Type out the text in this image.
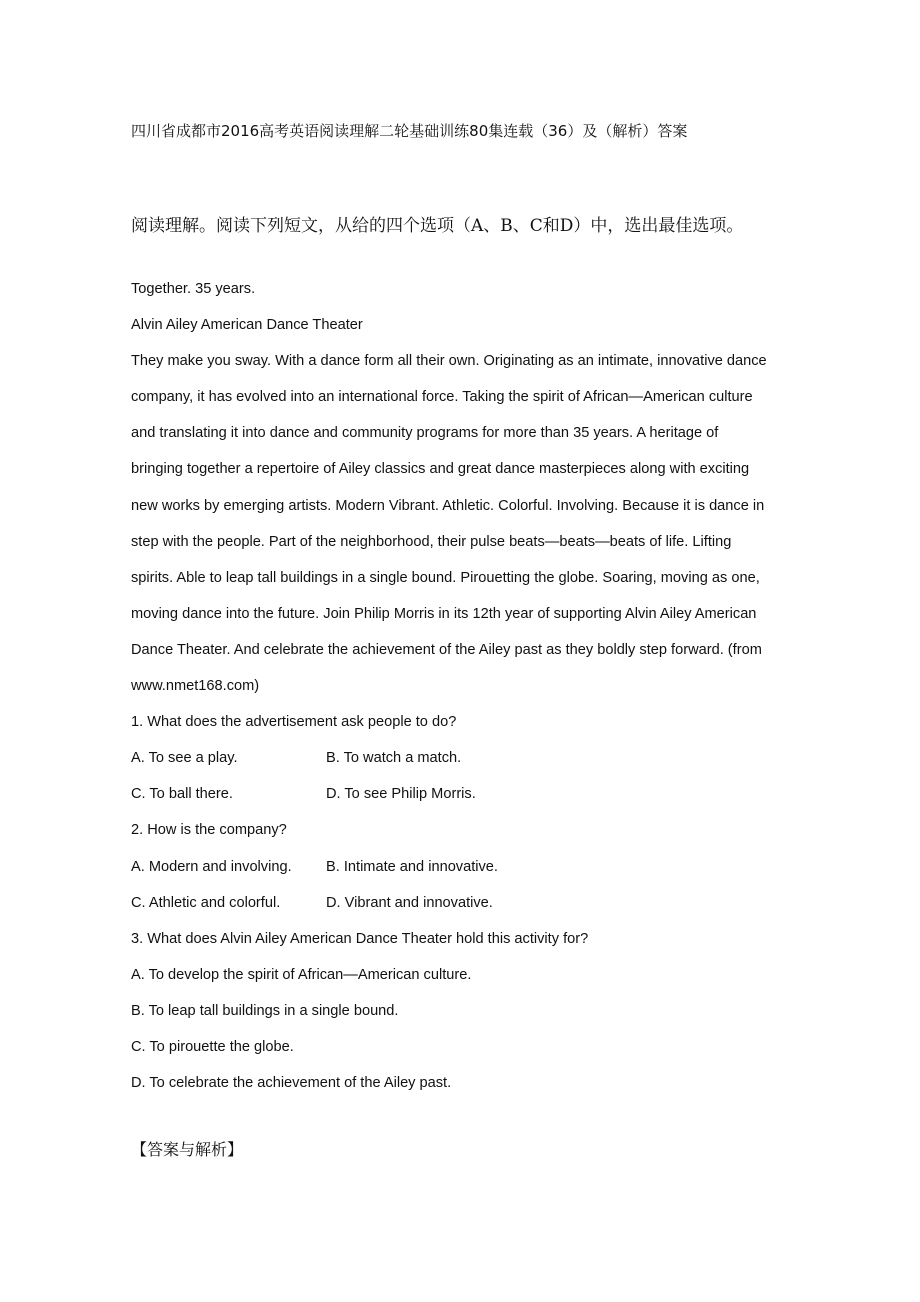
四川省成都市2016高考英语阅读理解二轮基础训练80集连载（36）及（解析）答案
阅读理解。阅读下列短文，从给的四个选项（A、B、C和D）中，选出最佳选项。
Together. 35 years.
Alvin Ailey American Dance Theater
They make you sway. With a dance form all their own. Originating as an intimate, innovative dance
company, it has evolved into an international force. Taking the spirit of African—American culture
and translating it into dance and community programs for more than 35 years. A heritage of
bringing together a repertoire of Ailey classics and great dance masterpieces along with exciting
new works by emerging artists. Modern Vibrant. Athletic. Colorful. Involving. Because it is dance in
step with the people. Part of the neighborhood, their pulse beats—beats—beats of life. Lifting
spirits. Able to leap tall buildings in a single bound. Pirouetting the globe. Soaring, moving as one,
moving dance into the future. Join Philip Morris in its 12th year of supporting Alvin Ailey American
Dance Theater. And celebrate the achievement of the Ailey past as they boldly step forward. (from
www.nmet168.com)
1. What does the advertisement ask people to do?
A. To see a play.	B. To watch a match.
C. To ball there.	D. To see Philip Morris.
2. How is the company?
A. Modern and involving. B. Intimate and innovative.
C. Athletic and colorful.	D. Vibrant and innovative.
3. What does Alvin Ailey American Dance Theater hold this activity for?
A. To develop the spirit of African—American culture.
B. To leap tall buildings in a single bound.
C. To pirouette the globe.
D. To celebrate the achievement of the Ailey past.
【答案与解析】
